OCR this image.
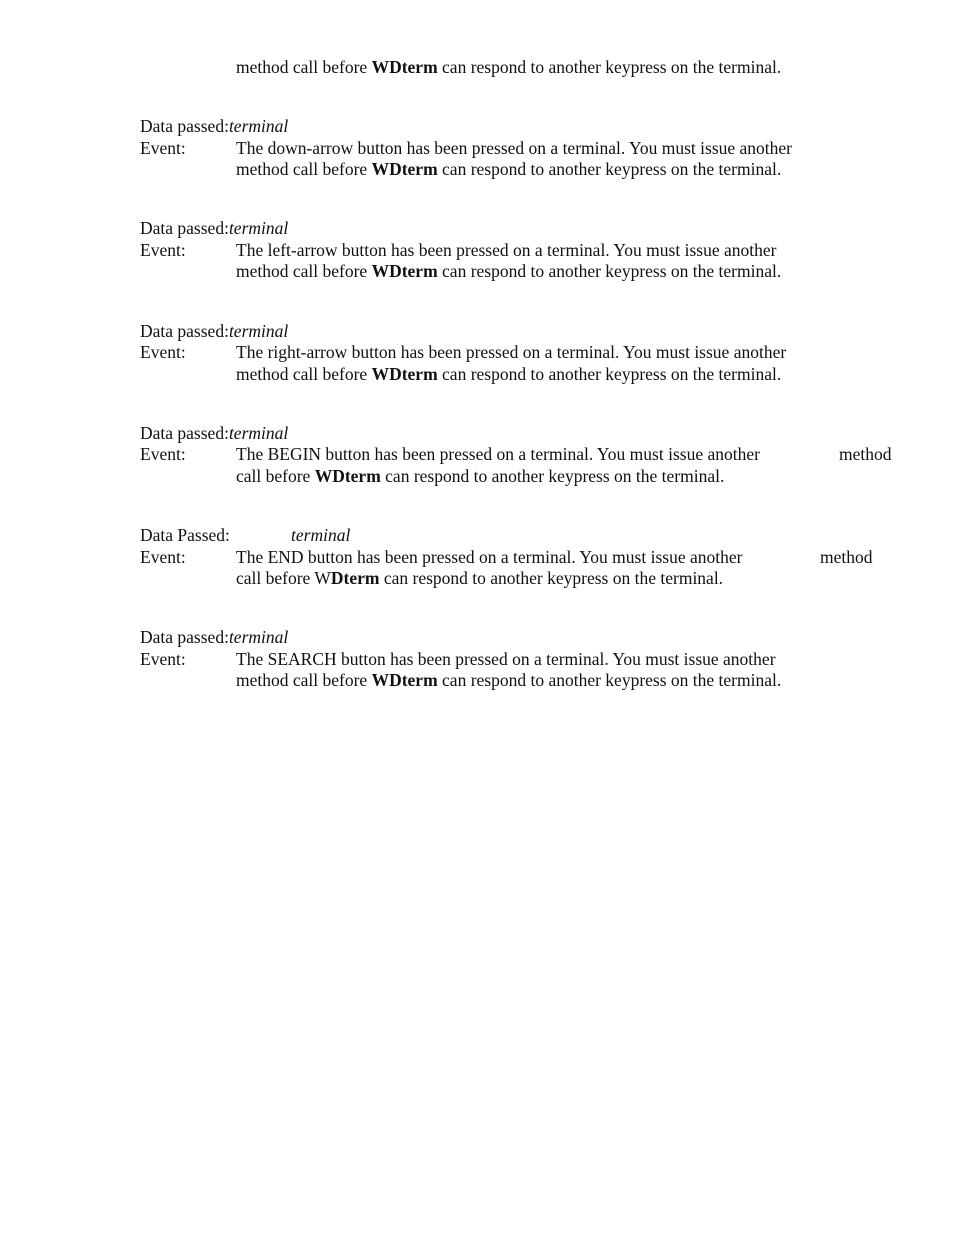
method call before WDterm can respond to another keypress on the terminal.
Data passed:terminal
Event:	The down-arrow button has been pressed on a terminal. You must issue another
method call before WDterm can respond to another keypress on the terminal.
Data passed:terminal
Event:	The left-arrow button has been pressed on a terminal. You must issue another
method call before WDterm can respond to another keypress on the terminal.
Data passed:terminal
Event:	The right-arrow button has been pressed on a terminal. You must issue another
method call before WDterm can respond to another keypress on the terminal.
Data passed:terminal
Event:	The BEGIN button has been pressed on a terminal. You must issue another	method
call before WDterm can respond to another keypress on the terminal.
Data Passed:	terminal
Event:	The END button has been pressed on a terminal. You must issue another	method
call before WDterm can respond to another keypress on the terminal.
Data passed:terminal
Event:	The SEARCH button has been pressed on a terminal. You must issue another
method call before WDterm can respond to another keypress on the terminal.
